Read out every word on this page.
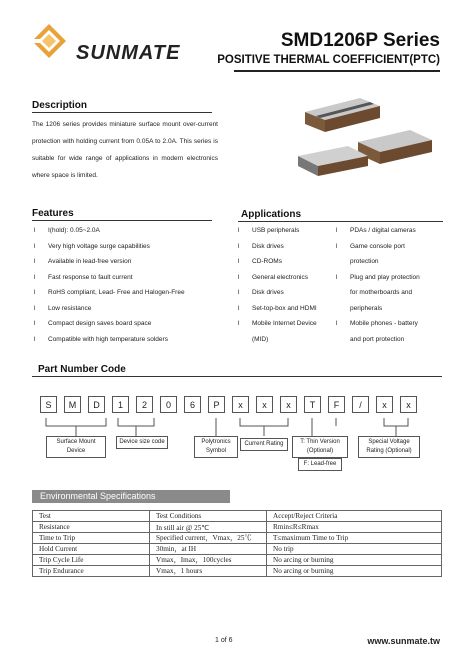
SUNMATE
SMD1206P Series
POSITIVE THERMAL COEFFICIENT(PTC)
Description
The 1206 series provides miniature surface mount over-current protection with holding current from 0.05A to 2.0A. This series is suitable for wide range of applications in modern electronics where space is limited.
Features
l	I(hold): 0.05~2.0A
l	Very high voltage surge capabilities
l	Available in lead-free version
l	Fast response to fault current
l	RoHS compliant, Lead- Free and Halogen-Free
l	Low resistance
l	Compact design saves board space
l	Compatible with high temperature solders
Applications
l	USB peripherals
l	Disk drives
l	CD-ROMs
l	General electronics
l	Disk drives
l	Set-top-box and HDMI
l	Mobile Internet Device
(MID)
l	PDAs / digital cameras
l	Game console port
protection
l	Plug and play protection
for motherboards and
peripherals
l	Mobile phones - battery
and port protection
Part Number Code
S	M	D	1	2	0	6	P	x	x	x	T	F	/	x	x
Surface Mount Device
Device size code	Polytronics Symbol
Current Rating	T: Thin Version (Optional)
F: Lead-free
Special Voltage Rating (Optional)
Environmental Specifications
Test	Test Conditions	Accept/Reject Criteria
Resistance	In still air @ 25℃	Rmin≤R≤Rmax
Time to Trip	Specified current，Vmax，25℃	T≤maximum Time to Trip
Hold Current	30min，at IH	No trip
Trip Cycle Life	Vmax，Imax，100cycles	No arcing or burning
Trip Endurance	Vmax，1 hours	No arcing or burning
1 of 6	www.sunmate.tw
